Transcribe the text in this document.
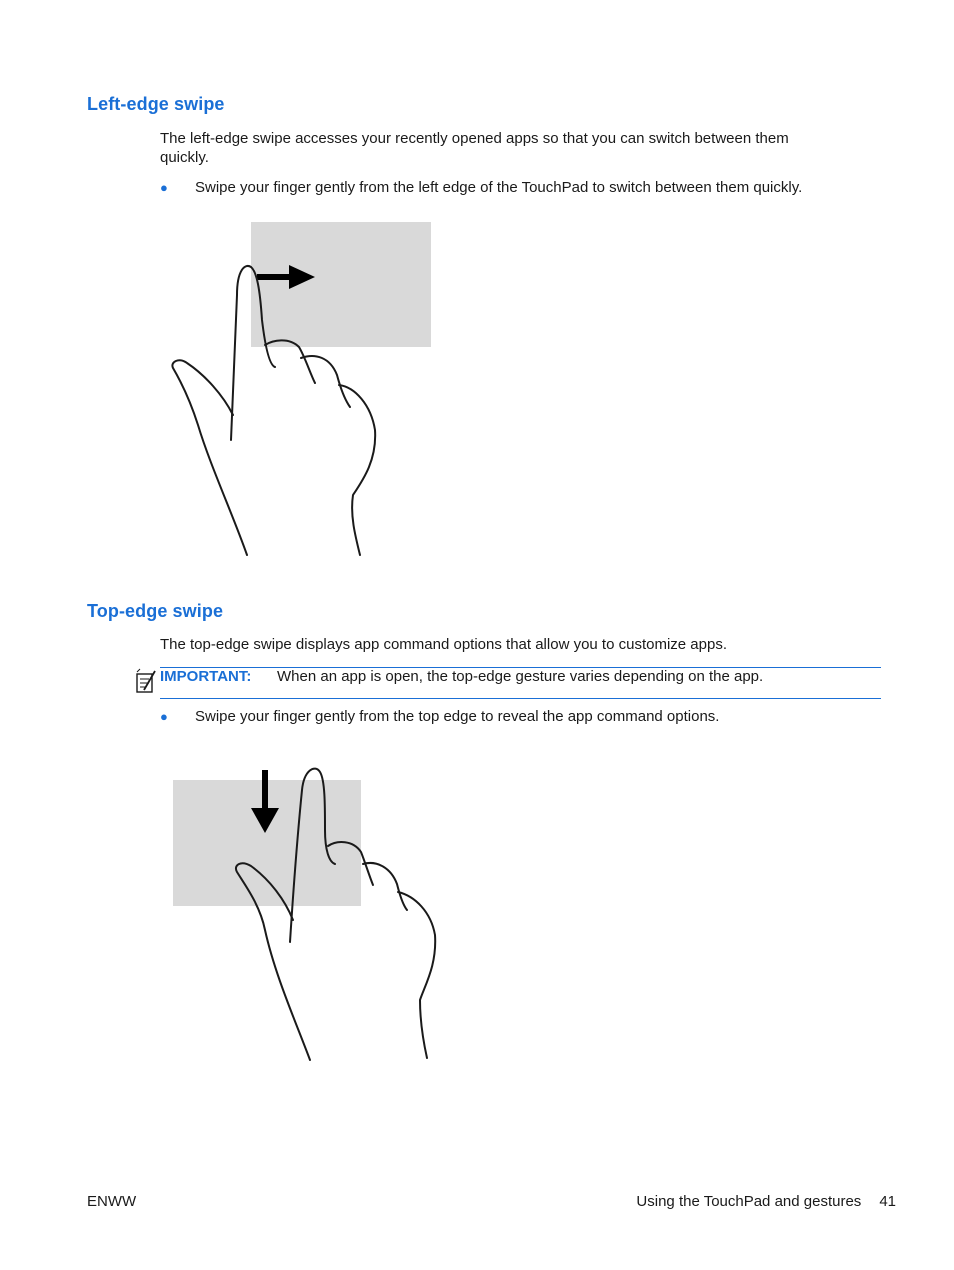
Left-edge swipe

The left-edge swipe accesses your recently opened apps so that you can switch between them
quickly.

● Swipe your finger gently from the left edge of the TouchPad to switch between them quickly.
Top-edge swipe

The top-edge swipe displays app command options that allow you to customize apps.

IMPORTANT: When an app is open, the top-edge gesture varies depending on the app.
● Swipe your finger gently from the top edge to reveal the app command options.
ENWW	Using the TouchPad and gestures 41
